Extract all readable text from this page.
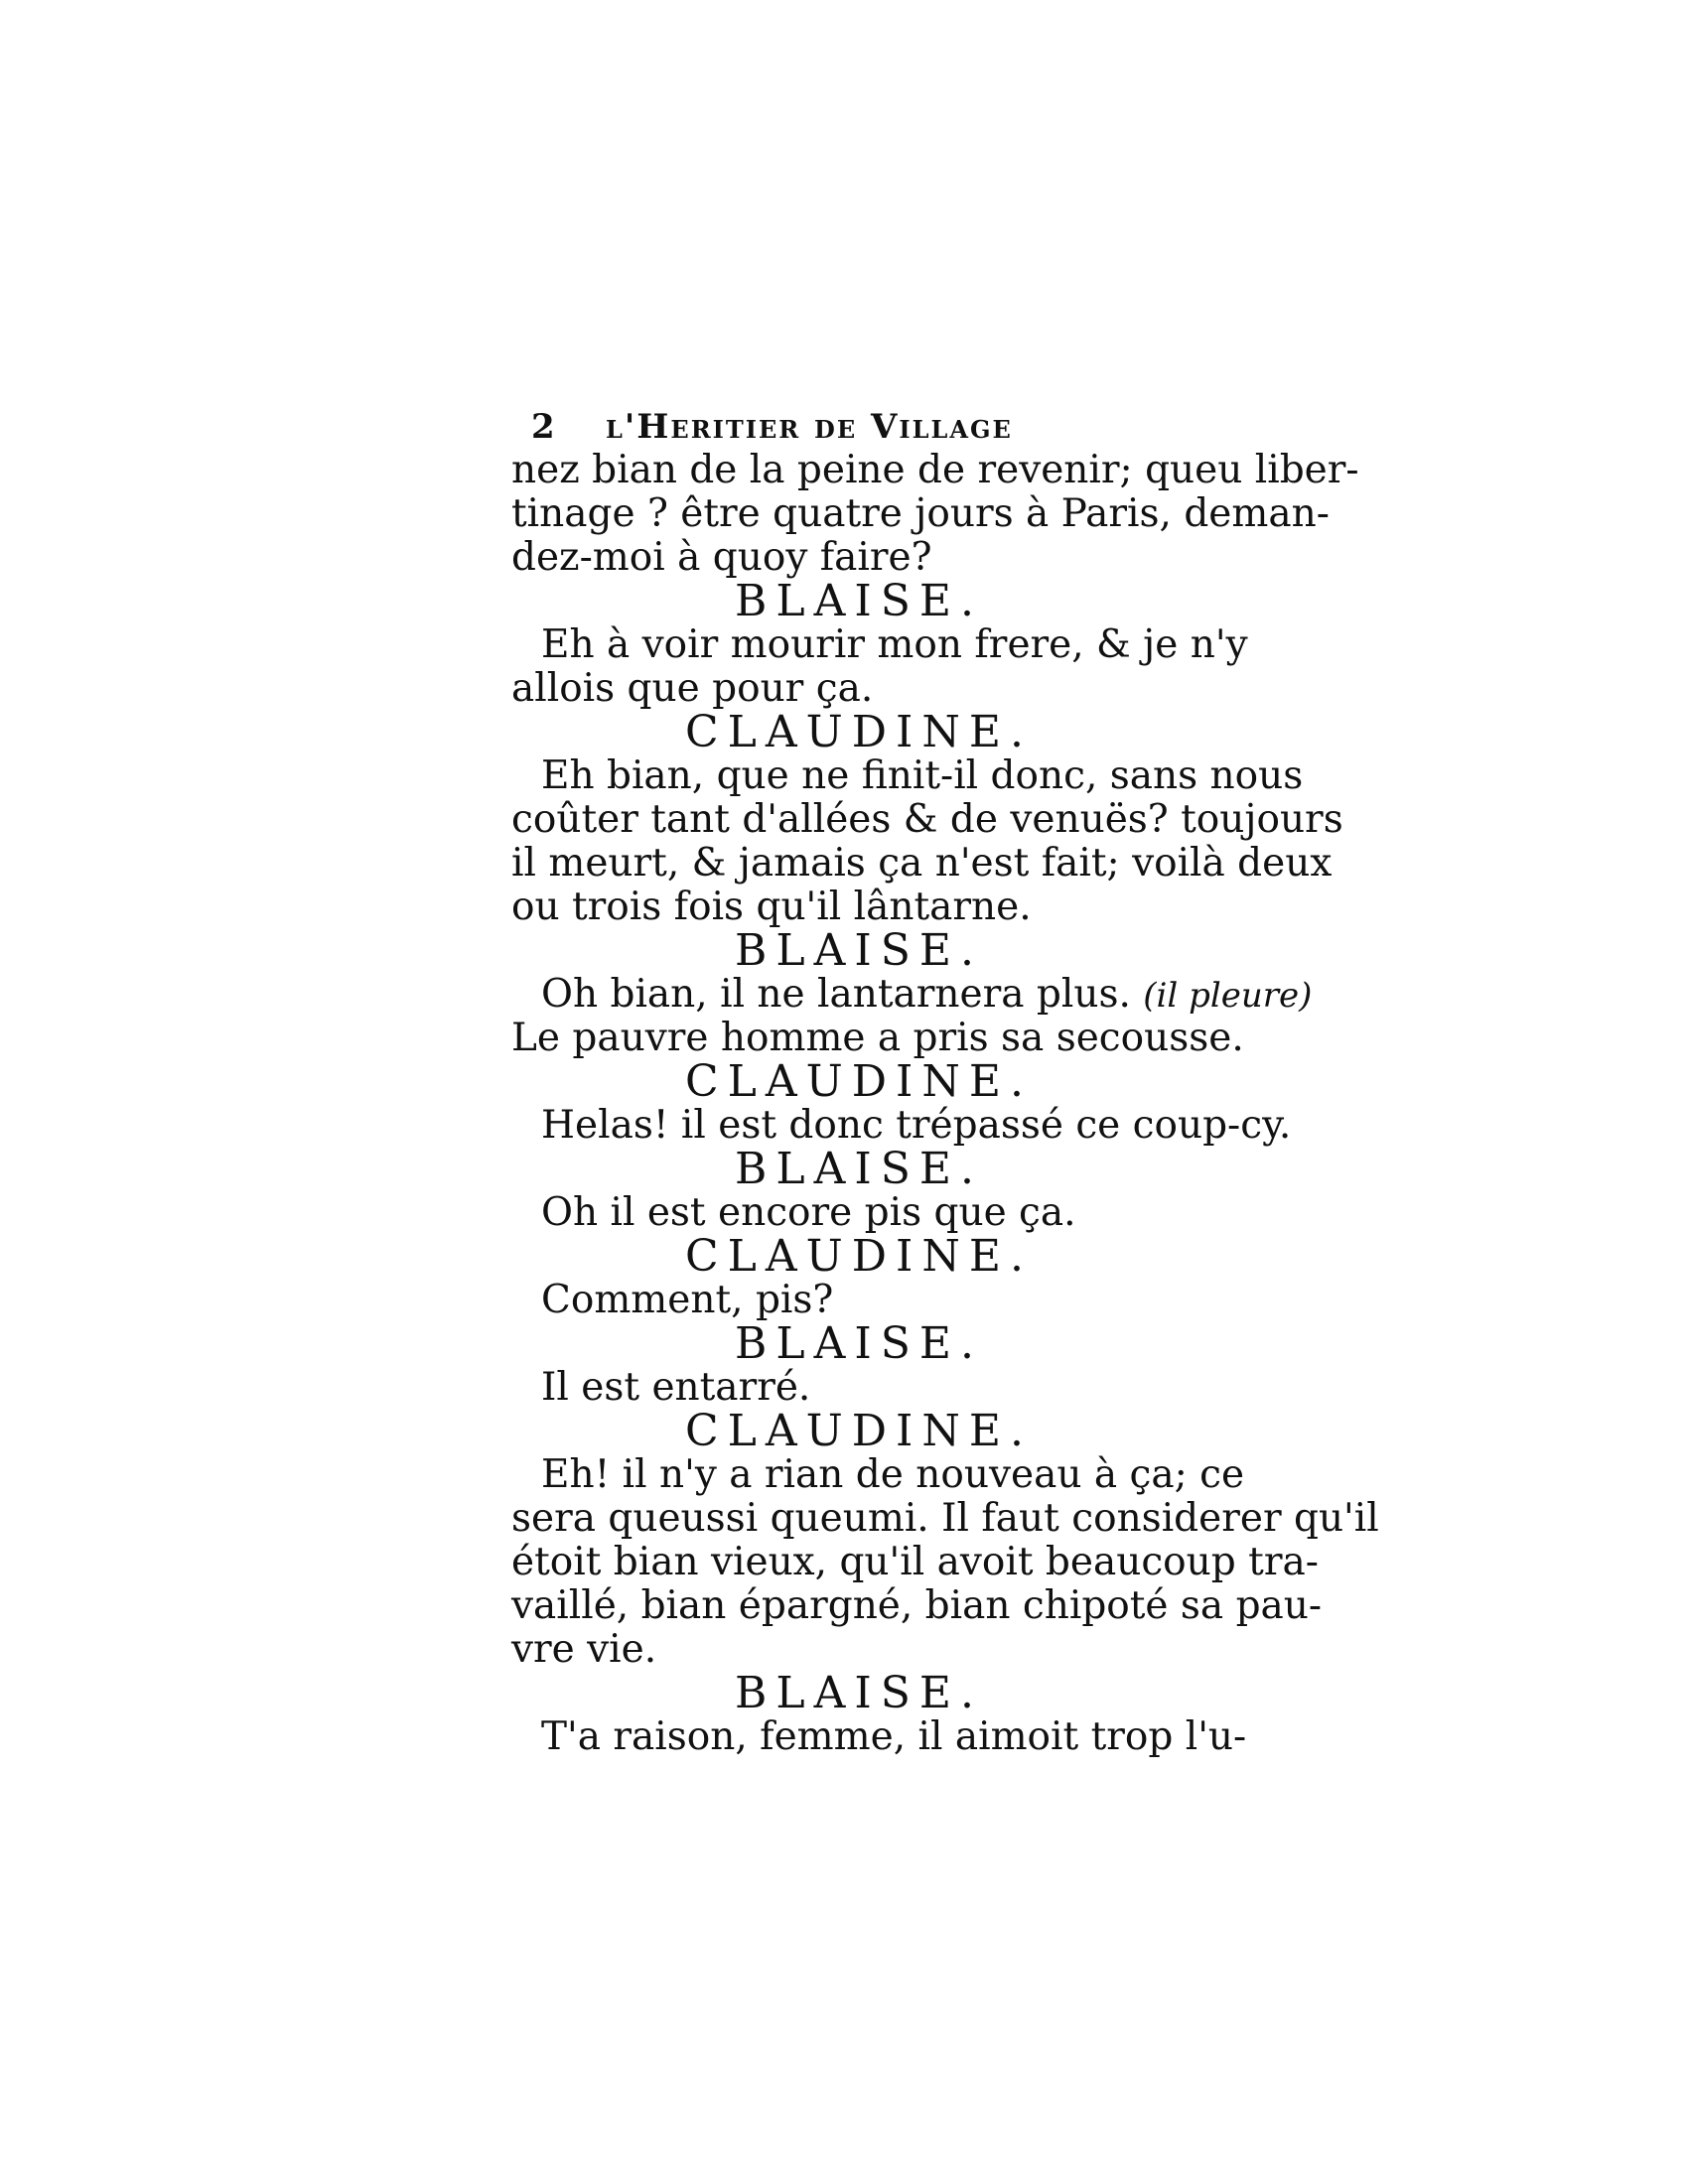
2 l'Heritier de Village
nez bian de la peine de revenir; queu liber-
tinage ? être quatre jours à Paris, deman-
dez-moi à quoy faire?
BLAISE.
Eh à voir mourir mon frere, & je n'y
allois que pour ça.
CLAUDINE.
Eh bian, que ne finit-il donc, sans nous
coûter tant d'allées & de venuës? toujours
il meurt, & jamais ça n'est fait; voilà deux
ou trois fois qu'il lântarne.
BLAISE.
Oh bian, il ne lantarnera plus. (il pleure)
Le pauvre homme a pris sa secousse.
CLAUDINE.
Helas! il est donc trépassé ce coup-cy.
BLAISE.
Oh il est encore pis que ça.
CLAUDINE.
Comment, pis?
BLAISE.
Il est entarré.
CLAUDINE.
Eh! il n'y a rian de nouveau à ça; ce
sera queussi queumi. Il faut considerer qu'il
étoit bian vieux, qu'il avoit beaucoup tra-
vaillé, bian épargné, bian chipoté sa pau-
vre vie.
BLAISE.
T'a raison, femme, il aimoit trop l'u-
